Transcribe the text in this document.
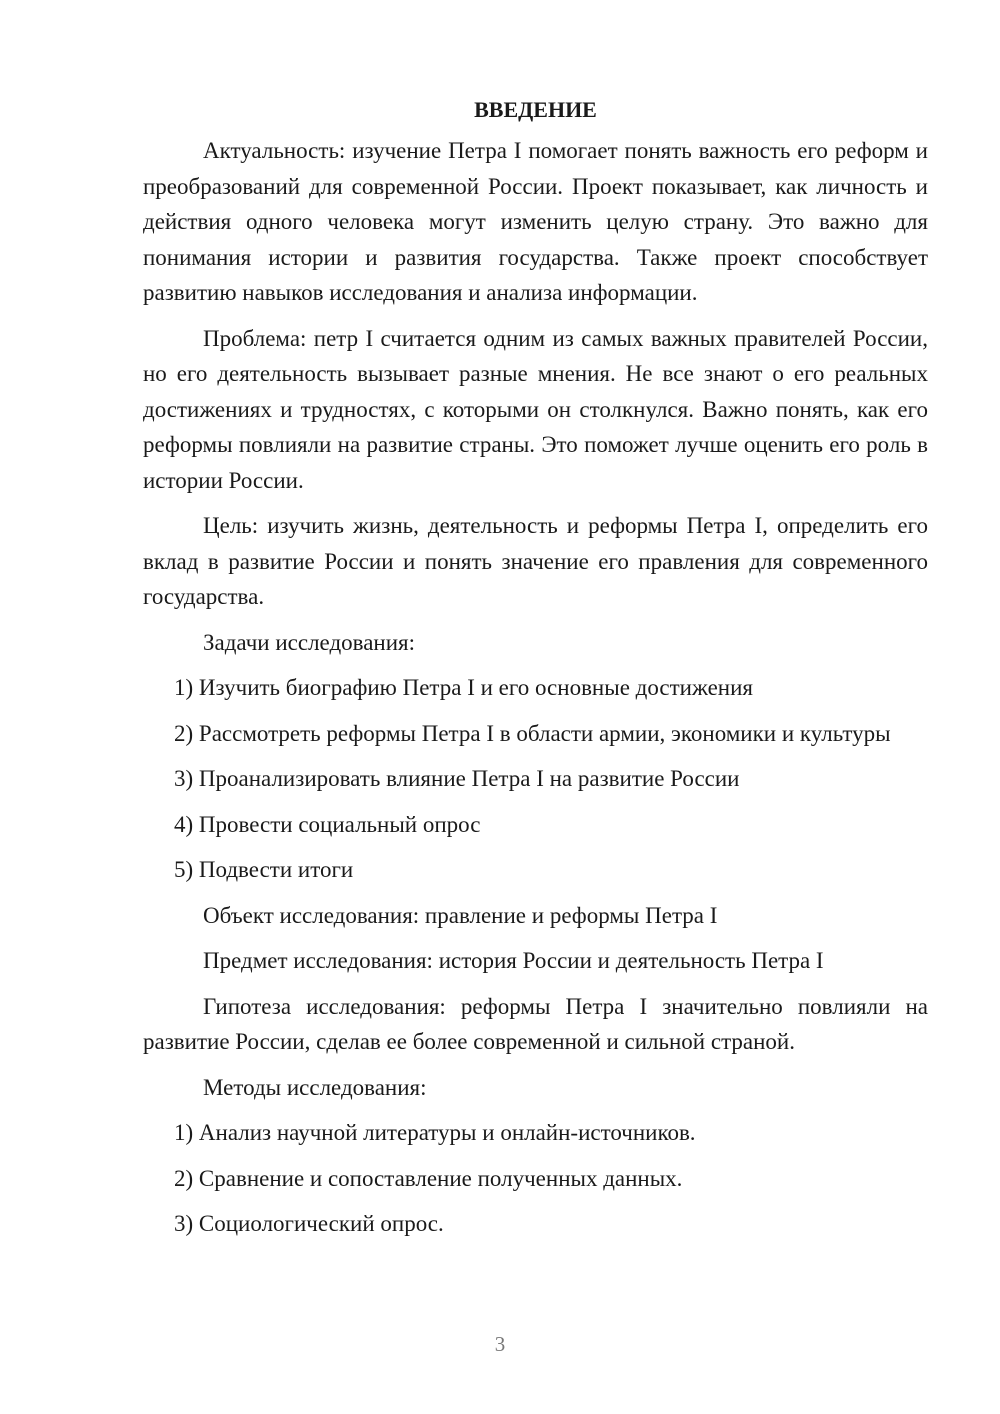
ВВЕДЕНИЕ

Актуальность: изучение Петра I помогает понять важность его реформ и преобразований для современной России. Проект показывает, как личность и действия одного человека могут изменить целую страну. Это важно для понимания истории и развития государства. Также проект способствует развитию навыков исследования и анализа информации.

Проблема: петр I считается одним из самых важных правителей России, но его деятельность вызывает разные мнения. Не все знают о его реальных достижениях и трудностях, с которыми он столкнулся. Важно понять, как его реформы повлияли на развитие страны. Это поможет лучше оценить его роль в истории России.

Цель: изучить жизнь, деятельность и реформы Петра I, определить его вклад в развитие России и понять значение его правления для современного государства.

Задачи исследования:

1) Изучить биографию Петра I и его основные достижения

2) Рассмотреть реформы Петра I в области армии, экономики и культуры

3) Проанализировать влияние Петра I на развитие России

4) Провести социальный опрос

5) Подвести итоги

Объект исследования: правление и реформы Петра I

Предмет исследования: история России и деятельность Петра I

Гипотеза исследования: реформы Петра I значительно повлияли на развитие России, сделав ее более современной и сильной страной.

Методы исследования:

1) Анализ научной литературы и онлайн-источников.

2) Сравнение и сопоставление полученных данных.

3) Социологический опрос.

3
